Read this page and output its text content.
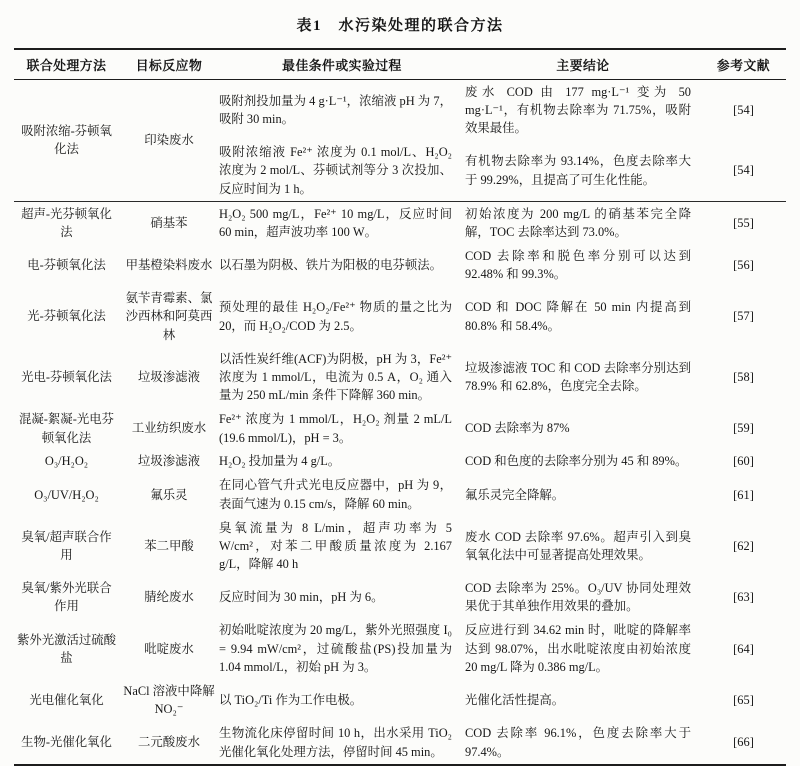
表1　水污染处理的联合方法
联合处理方法	目标反应物	最佳条件或实验过程	主要结论	参考文献
吸附浓缩-芬顿氧化法	印染废水	吸附剂投加量为 4 g·L⁻¹，浓缩液 pH 为 7，吸附 30 min。	废水 COD 由 177 mg·L⁻¹ 变为 50 mg·L⁻¹，有机物去除率为 71.75%，吸附效果最佳。	[54]
		吸附浓缩液 Fe²⁺ 浓度为 0.1 mol/L、H₂O₂ 浓度为 2 mol/L、芬顿试剂等分 3 次投加、反应时间为 1 h。	有机物去除率为 93.14%，色度去除率大于 99.29%，且提高了可生化性能。	[54]
超声-光芬顿氧化法	硝基苯	H₂O₂ 500 mg/L，Fe²⁺ 10 mg/L，反应时间 60 min，超声波功率 100 W。	初始浓度为 200 mg/L 的硝基苯完全降解，TOC 去除率达到 73.0%。	[55]
电-芬顿氧化法	甲基橙染料废水	以石墨为阴极、铁片为阳极的电芬顿法。	COD 去除率和脱色率分别可以达到 92.48% 和 99.3%。	[56]
光-芬顿氧化法	氨苄青霉素、氯沙西林和阿莫西林	预处理的最佳 H₂O₂/Fe²⁺ 物质的量之比为 20，而 H₂O₂/COD 为 2.5。	COD 和 DOC 降解在 50 min 内提高到 80.8% 和 58.4%。	[57]
光电-芬顿氧化法	垃圾渗滤液	以活性炭纤维(ACF)为阴极，pH 为 3，Fe²⁺ 浓度为 1 mmol/L，电流为 0.5 A，O₂ 通入量为 250 mL/min 条件下降解 360 min。	垃圾渗滤液 TOC 和 COD 去除率分别达到 78.9% 和 62.8%，色度完全去除。	[58]
混凝-絮凝-光电芬顿氧化法	工业纺织废水	Fe²⁺ 浓度为 1 mmol/L，H₂O₂ 剂量 2 mL/L (19.6 mmol/L)，pH = 3。	COD 去除率为 87%	[59]
O₃/H₂O₂	垃圾渗滤液	H₂O₂ 投加量为 4 g/L。	COD 和色度的去除率分别为 45 和 89%。	[60]
O₃/UV/H₂O₂	氟乐灵	在同心管气升式光电反应器中，pH 为 9，表面气速为 0.15 cm/s，降解 60 min。	氟乐灵完全降解。	[61]
臭氧/超声联合作用	苯二甲酸	臭氧流量为 8 L/min，超声功率为 5 W/cm²，对苯二甲酸质量浓度为 2.167 g/L，降解 40 h	废水 COD 去除率 97.6%。超声引入到臭氧氧化法中可显著提高处理效果。	[62]
臭氧/紫外光联合作用	腈纶废水	反应时间为 30 min，pH 为 6。	COD 去除率为 25%。O₃/UV 协同处理效果优于其单独作用效果的叠加。	[63]
紫外光激活过硫酸盐	吡啶废水	初始吡啶浓度为 20 mg/L，紫外光照强度 I₀ = 9.94 mW/cm²，过硫酸盐(PS)投加量为 1.04 mmol/L，初始 pH 为 3。	反应进行到 34.62 min 时，吡啶的降解率达到 98.07%，出水吡啶浓度由初始浓度 20 mg/L 降为 0.386 mg/L。	[64]
光电催化氧化	NaCl 溶液中降解 NO₂⁻	以 TiO₂/Ti 作为工作电极。	光催化活性提高。	[65]
生物-光催化氧化	二元酸废水	生物流化床停留时间 10 h，出水采用 TiO₂ 光催化氧化处理方法，停留时间 45 min。	COD 去除率 96.1%，色度去除率大于 97.4%。	[66]
